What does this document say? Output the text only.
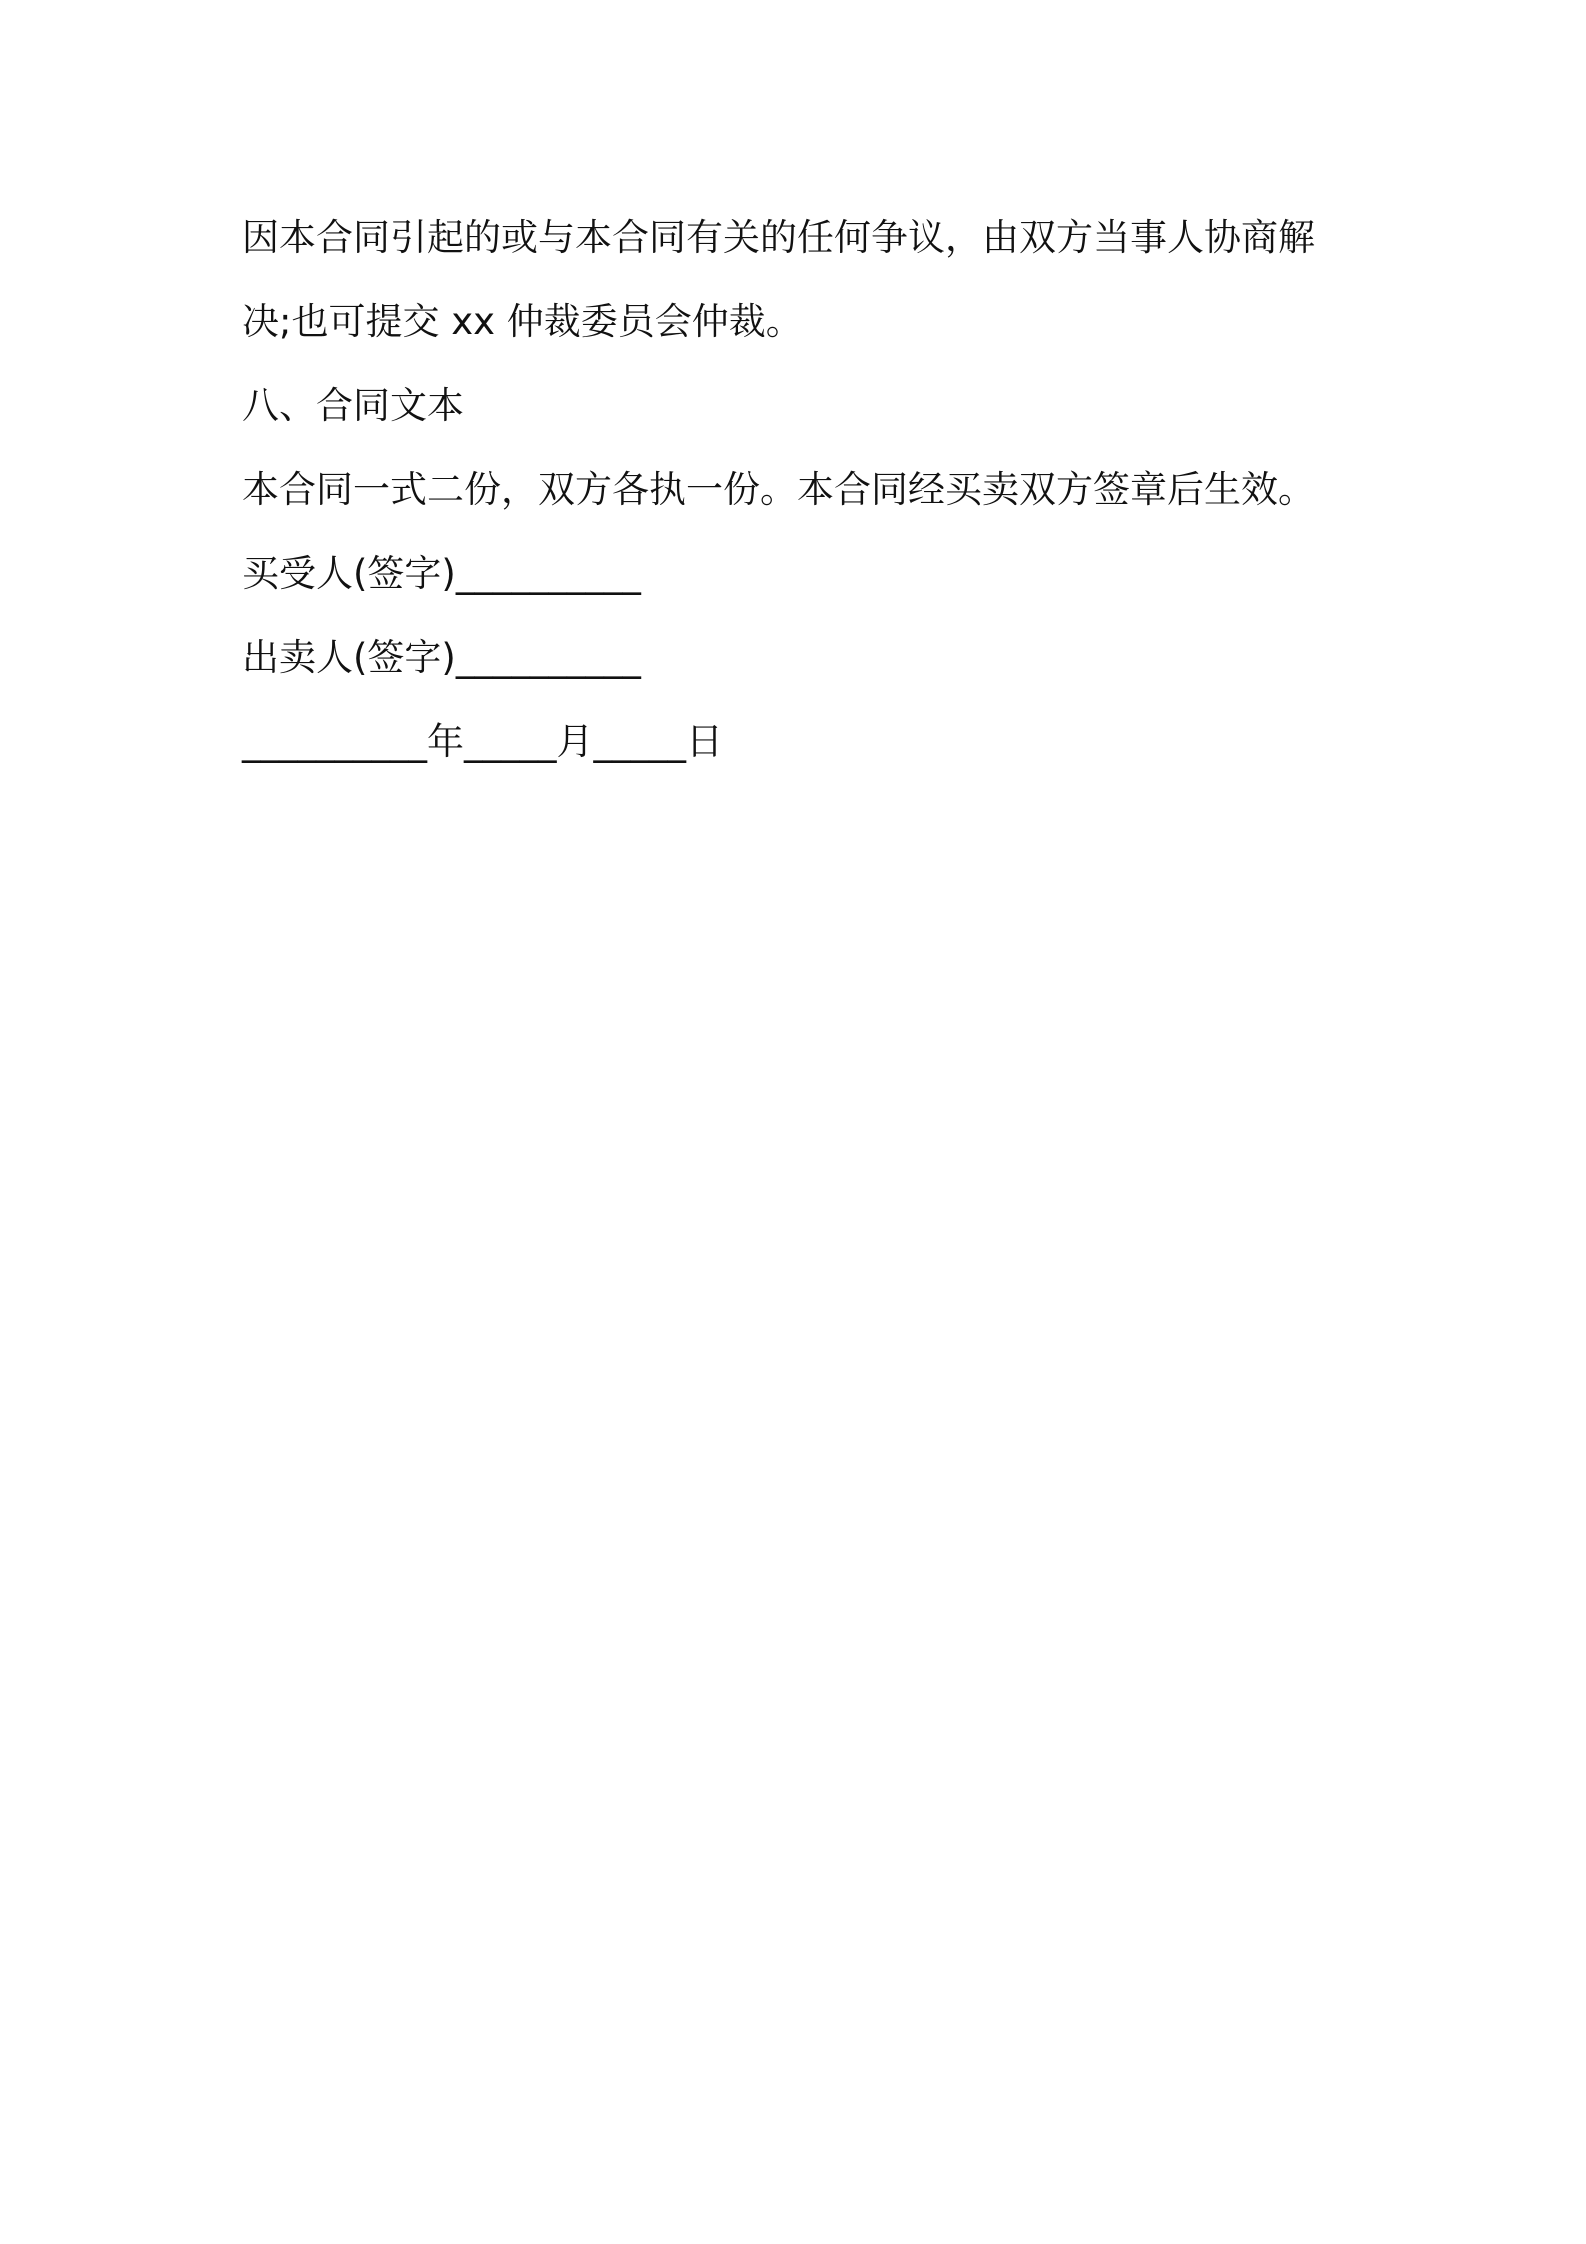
因本合同引起的或与本合同有关的任何争议，由双方当事人协商解
决;也可提交 xx 仲裁委员会仲裁。
八、合同文本
本合同一式二份，双方各执一份。本合同经买卖双方签章后生效。
买受人(签字)__________
出卖人(签字)__________
__________年_____月_____日
